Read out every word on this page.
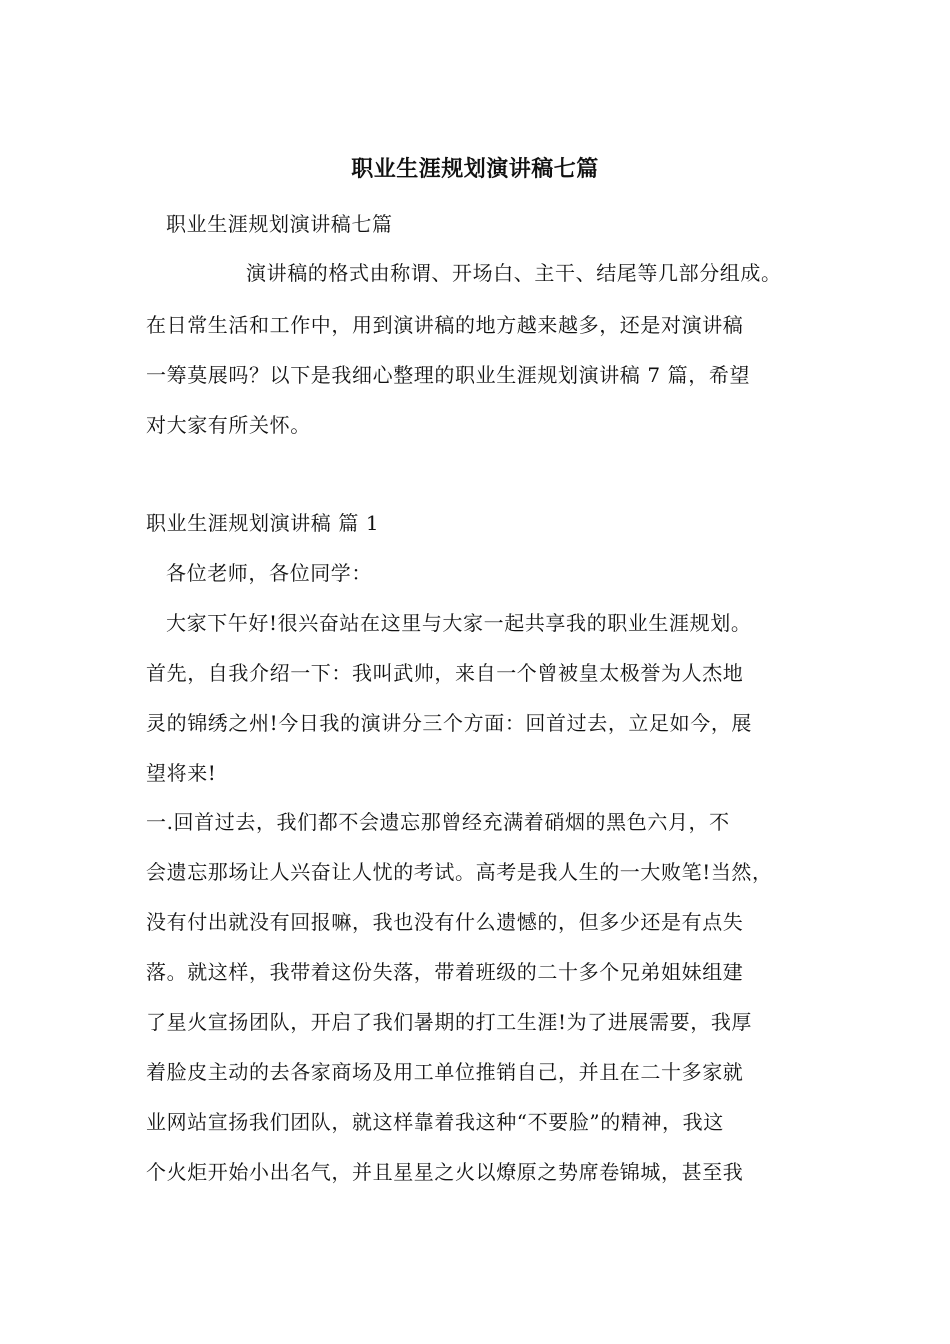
职业生涯规划演讲稿七篇
职业生涯规划演讲稿七篇
演讲稿的格式由称谓、开场白、主干、结尾等几部分组成。
在日常生活和工作中，用到演讲稿的地方越来越多，还是对演讲稿
一筹莫展吗？以下是我细心整理的职业生涯规划演讲稿 7 篇，希望
对大家有所关怀。
职业生涯规划演讲稿 篇 1
各位老师，各位同学：
大家下午好!很兴奋站在这里与大家一起共享我的职业生涯规划。
首先，自我介绍一下：我叫武帅，来自一个曾被皇太极誉为人杰地
灵的锦绣之州!今日我的演讲分三个方面：回首过去，立足如今，展
望将来!
一.回首过去，我们都不会遗忘那曾经充满着硝烟的黑色六月，不
会遗忘那场让人兴奋让人忧的考试。高考是我人生的一大败笔!当然，
没有付出就没有回报嘛，我也没有什么遗憾的，但多少还是有点失
落。就这样，我带着这份失落，带着班级的二十多个兄弟姐妹组建
了星火宣扬团队，开启了我们暑期的打工生涯!为了进展需要，我厚
着脸皮主动的去各家商场及用工单位推销自己，并且在二十多家就
业网站宣扬我们团队，就这样靠着我这种“不要脸”的精神，我这
个火炬开始小出名气，并且星星之火以燎原之势席卷锦城，甚至我
